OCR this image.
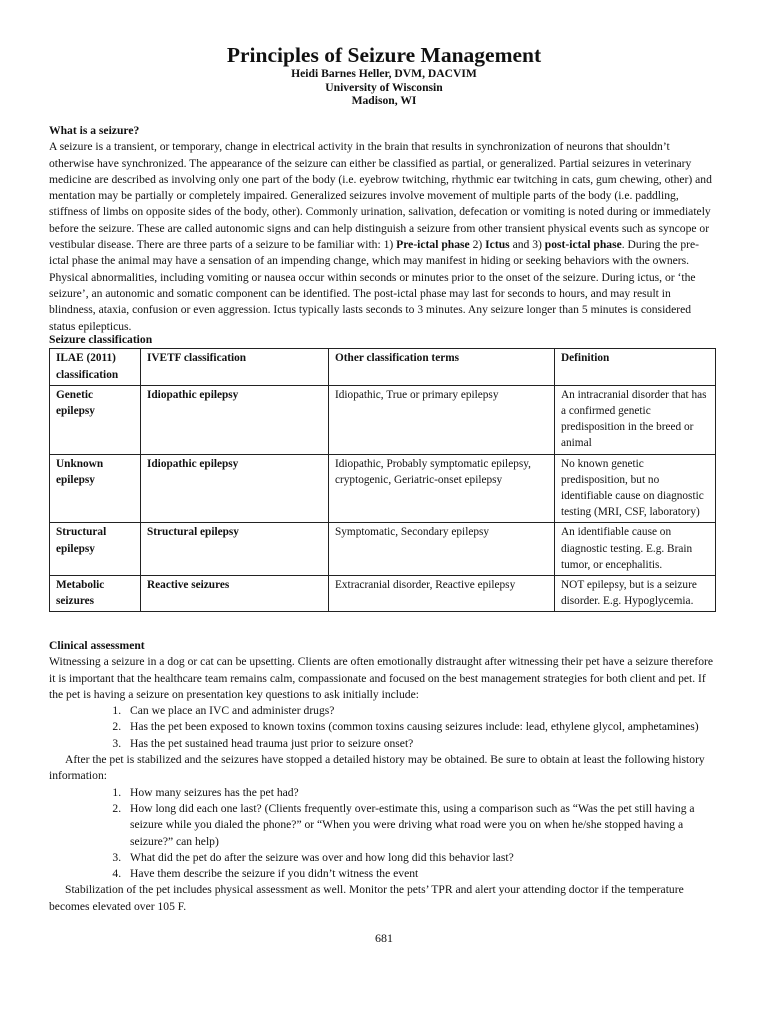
Principles of Seizure Management
Heidi Barnes Heller, DVM, DACVIM
University of Wisconsin
Madison, WI
What is a seizure?

A seizure is a transient, or temporary, change in electrical activity in the brain that results in synchronization of neurons that shouldn’t otherwise have synchronized. The appearance of the seizure can either be classified as partial, or generalized. Partial seizures in veterinary medicine are described as involving only one part of the body (i.e. eyebrow twitching, rhythmic ear twitching in cats, gum chewing, other) and mentation may be partially or completely impaired. Generalized seizures involve movement of multiple parts of the body (i.e. paddling, stiffness of limbs on opposite sides of the body, other). Commonly urination, salivation, defecation or vomiting is noted during or immediately before the seizure. These are called autonomic signs and can help distinguish a seizure from other transient physical events such as syncope or vestibular disease. There are three parts of a seizure to be familiar with: 1) Pre-ictal phase 2) Ictus and 3) post-ictal phase. During the pre-ictal phase the animal may have a sensation of an impending change, which may manifest in hiding or seeking behaviors with the owners. Physical abnormalities, including vomiting or nausea occur within seconds or minutes prior to the onset of the seizure. During ictus, or ‘the seizure’, an autonomic and somatic component can be identified. The post-ictal phase may last for seconds to hours, and may result in blindness, ataxia, confusion or even aggression. Ictus typically lasts seconds to 3 minutes. Any seizure longer than 5 minutes is considered status epilepticus.

Seizure classification
ILAE (2011) classification	IVETF classification	Other classification terms	Definition
Genetic epilepsy	Idiopathic epilepsy	Idiopathic, True or primary epilepsy	An intracranial disorder that has a confirmed genetic predisposition in the breed or animal
Unknown epilepsy	Idiopathic epilepsy	Idiopathic, Probably symptomatic epilepsy, cryptogenic, Geriatric-onset epilepsy	No known genetic predisposition, but no identifiable cause on diagnostic testing (MRI, CSF, laboratory)
Structural epilepsy	Structural epilepsy	Symptomatic, Secondary epilepsy	An identifiable cause on diagnostic testing. E.g. Brain tumor, or encephalitis.
Metabolic seizures	Reactive seizures	Extracranial disorder, Reactive epilepsy	NOT epilepsy, but is a seizure disorder. E.g. Hypoglycemia.
Clinical assessment

Witnessing a seizure in a dog or cat can be upsetting. Clients are often emotionally distraught after witnessing their pet have a seizure therefore it is important that the healthcare team remains calm, compassionate and focused on the best management strategies for both client and pet. If the pet is having a seizure on presentation key questions to ask initially include:

1. Can we place an IVC and administer drugs?
2. Has the pet been exposed to known toxins (common toxins causing seizures include: lead, ethylene glycol, amphetamines)
3. Has the pet sustained head trauma just prior to seizure onset?

After the pet is stabilized and the seizures have stopped a detailed history may be obtained. Be sure to obtain at least the following history information:

1. How many seizures has the pet had?
2. How long did each one last? (Clients frequently over-estimate this, using a comparison such as “Was the pet still having a seizure while you dialed the phone?” or “When you were driving what road were you on when he/she stopped having a seizure?” can help)
3. What did the pet do after the seizure was over and how long did this behavior last?
4. Have them describe the seizure if you didn’t witness the event

Stabilization of the pet includes physical assessment as well. Monitor the pets’ TPR and alert your attending doctor if the temperature becomes elevated over 105 F.

681
